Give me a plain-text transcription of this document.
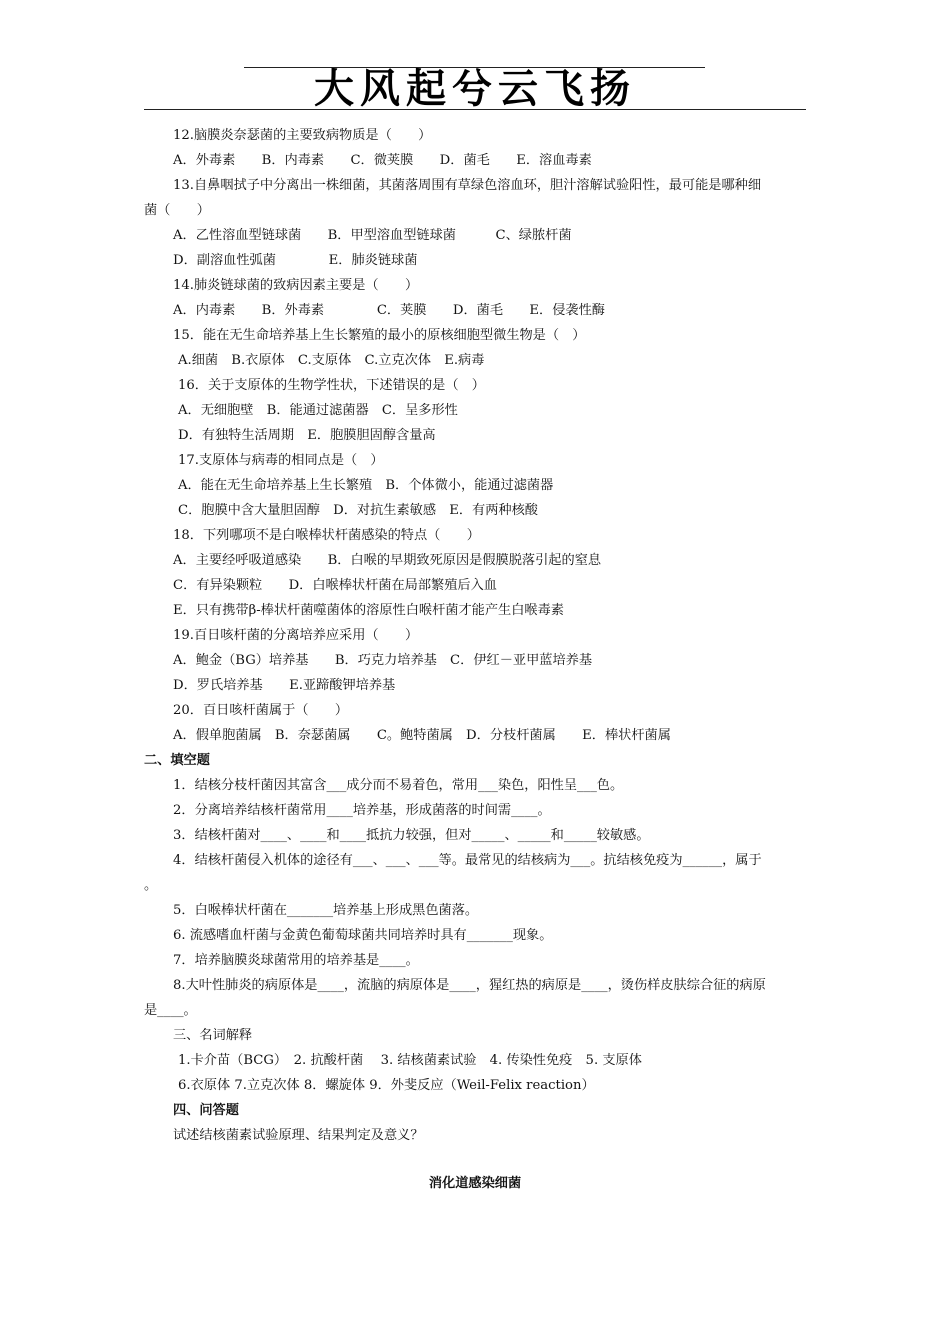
大风起兮云飞扬
12.脑膜炎奈瑟菌的主要致病物质是（　　）
A．外毒素　　B．内毒素　　C．微荚膜　　D．菌毛　　E．溶血毒素
13.自鼻咽拭子中分离出一株细菌，其菌落周围有草绿色溶血环，胆汁溶解试验阳性，最可能是哪种细
菌（　　）
A．乙性溶血型链球菌　　B．甲型溶血型链球菌　　　C、绿脓杆菌
D．副溶血性弧菌　　　　E．肺炎链球菌
14.肺炎链球菌的致病因素主要是（　　）
A．内毒素　　B．外毒素　　　　C．荚膜　　D．菌毛　　E．侵袭性酶
15．能在无生命培养基上生长繁殖的最小的原核细胞型微生物是（　）
A.细菌　B.衣原体　C.支原体　C.立克次体　E.病毒
16．关于支原体的生物学性状，下述错误的是（　）
A．无细胞壁　B．能通过滤菌器　C．呈多形性
D．有独特生活周期　E．胞膜胆固醇含量高
17.支原体与病毒的相同点是（　）
A．能在无生命培养基上生长繁殖　B．个体微小，能通过滤菌器
C．胞膜中含大量胆固醇　D．对抗生素敏感　E．有两种核酸
18．下列哪项不是白喉棒状杆菌感染的特点（　　）
A．主要经呼吸道感染　　B．白喉的早期致死原因是假膜脱落引起的窒息
C．有异染颗粒　　D．白喉棒状杆菌在局部繁殖后入血
E．只有携带β-棒状杆菌噬菌体的溶原性白喉杆菌才能产生白喉毒素
19.百日咳杆菌的分离培养应采用（　　）
A．鲍金（BG）培养基　　B．巧克力培养基　C．伊红－亚甲蓝培养基
D．罗氏培养基　　E.亚蹄酸钾培养基
20．百日咳杆菌属于（　　）
A．假单胞菌属　B．奈瑟菌属　　C。鲍特菌属　D．分枝杆菌属　　E．棒状杆菌属
二、填空题
1．结核分枝杆菌因其富含___成分而不易着色，常用___染色，阳性呈___色。
2．分离培养结核杆菌常用____培养基，形成菌落的时间需____。
3．结核杆菌对____、____和____抵抗力较强，但对_____、_____和_____较敏感。
4．结核杆菌侵入机体的途径有___、___、___等。最常见的结核病为___。抗结核免疫为______，属于
。
5．白喉棒状杆菌在_______培养基上形成黑色菌落。
6. 流感嗜血杆菌与金黄色葡萄球菌共同培养时具有_______现象。
7．培养脑膜炎球菌常用的培养基是____。
8.大叶性肺炎的病原体是____，流脑的病原体是____，猩红热的病原是____，烫伤样皮肤综合征的病原
是____。
三、名词解释
1.卡介苗（BCG）　2. 抗酸杆菌　 3. 结核菌素试验　4. 传染性免疫　5. 支原体
6.衣原体 7.立克次体 8．螺旋体 9．外斐反应（Weil-Felix reaction）
四、问答题
试述结核菌素试验原理、结果判定及意义？
消化道感染细菌
